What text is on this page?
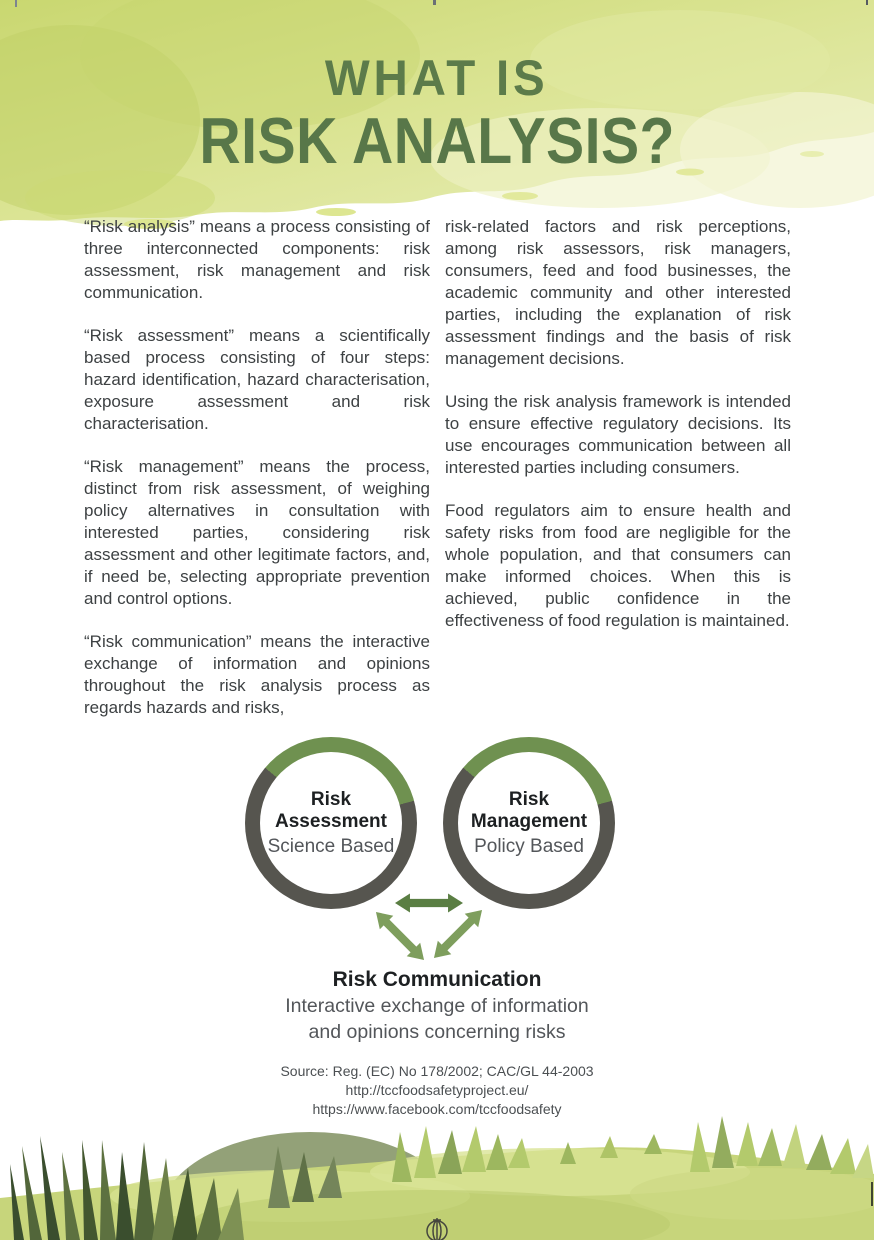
WHAT IS
RISK ANALYSIS?

“Risk analysis” means a process consisting of three interconnected components: risk assessment, risk management and risk communication.

“Risk assessment” means a scientifically based process consisting of four steps: hazard identification, hazard characterisation, exposure assessment and risk characterisation.

“Risk management” means the process, distinct from risk assessment, of weighing policy alternatives in consultation with interested parties, considering risk assessment and other legitimate factors, and, if need be, selecting appropriate prevention and control options.

“Risk communication” means the interactive exchange of information and opinions throughout the risk analysis process as regards hazards and risks,

risk-related factors and risk perceptions, among risk assessors, risk managers, consumers, feed and food businesses, the academic community and other interested parties, including the explanation of risk assessment findings and the basis of risk management decisions.

Using the risk analysis framework is intended to ensure effective regulatory decisions. Its use encourages communication between all interested parties including consumers.

Food regulators aim to ensure health and safety risks from food are negligible for the whole population, and that consumers can make informed choices. When this is achieved, public confidence in the effectiveness of food regulation is maintained.

Risk
Assessment
Science Based
Risk
Management
Policy Based
Risk Communication
Interactive exchange of information
and opinions concerning risks
Source: Reg. (EC) No 178/2002; CAC/GL 44-2003
http://tccfoodsafetyproject.eu/
https://www.facebook.com/tccfoodsafety
